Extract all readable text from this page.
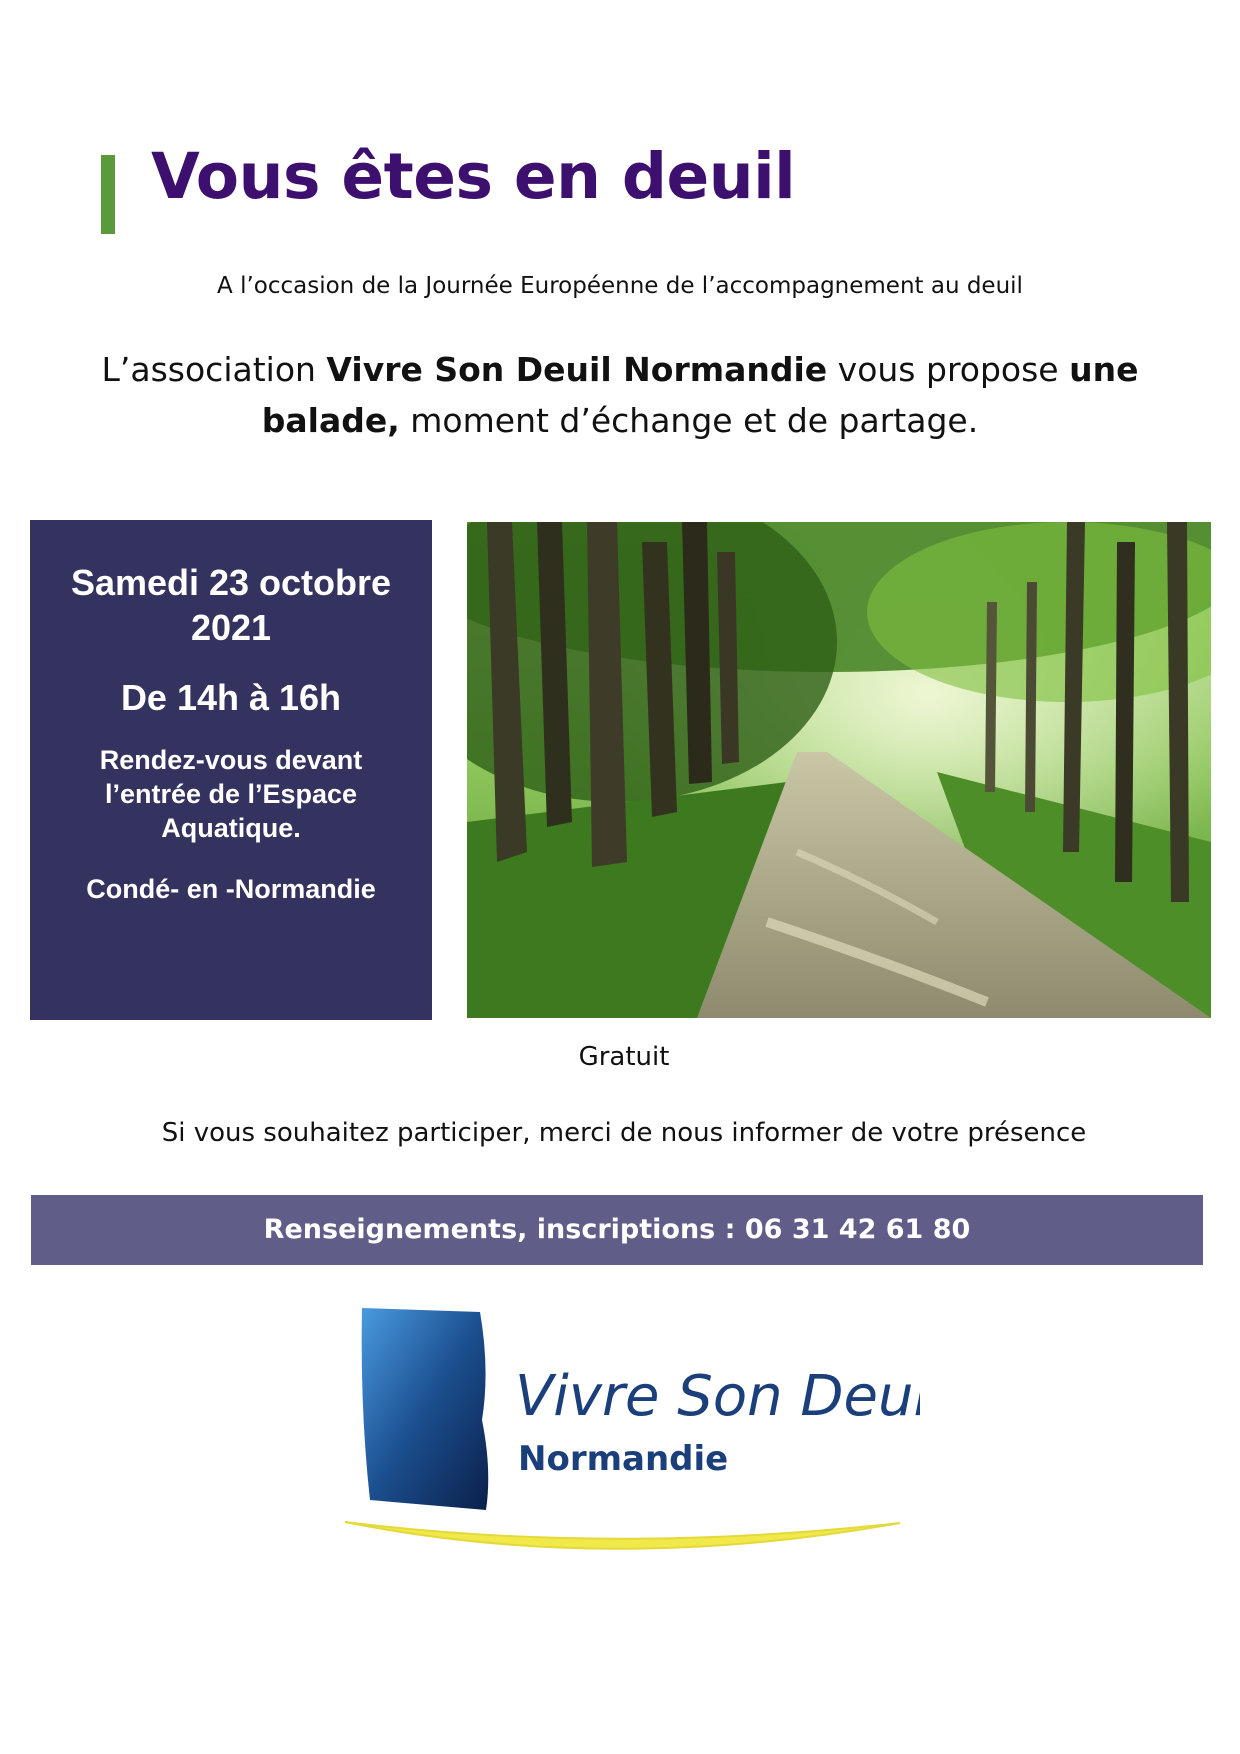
Vous êtes en deuil
A l’occasion de la Journée Européenne de l’accompagnement au deuil
L’association Vivre Son Deuil Normandie vous propose une balade, moment d’échange et de partage.
Samedi 23 octobre 2021
De 14h à 16h
Rendez-vous devant
l’entrée de l’Espace
Aquatique.
Condé- en -Normandie
Gratuit
Si vous souhaitez participer, merci de nous informer de votre présence
Renseignements, inscriptions : 06 31 42 61 80
Vivre Son Deuil
Normandie
